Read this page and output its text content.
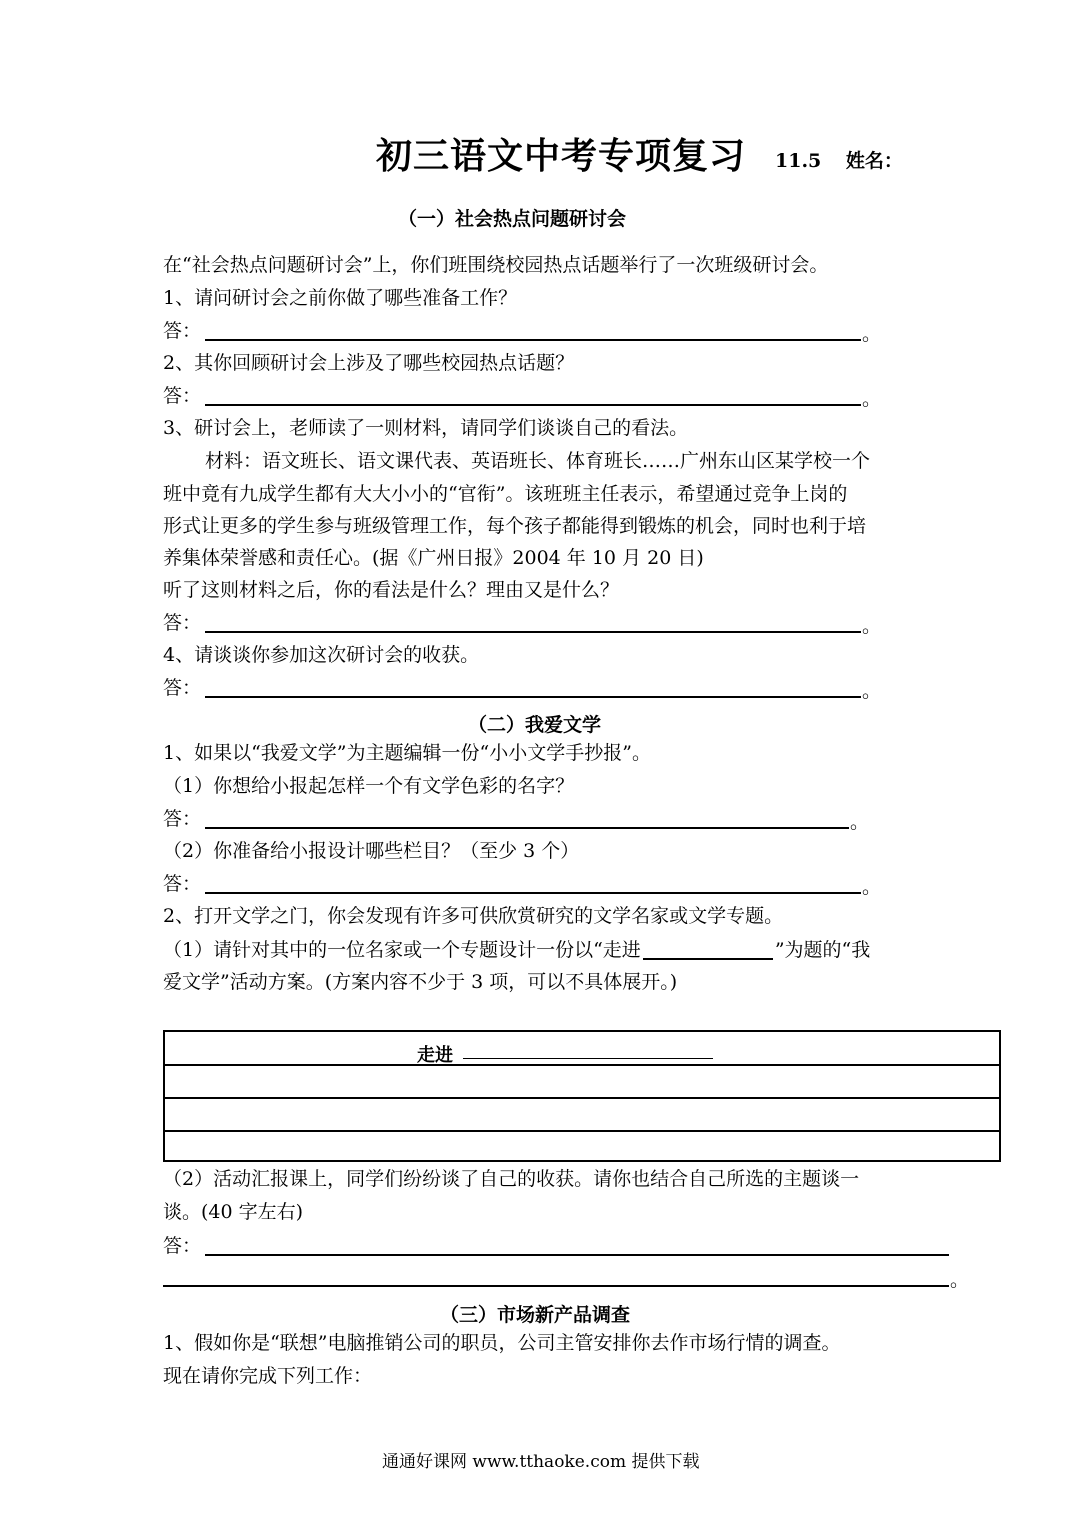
初三语文中考专项复习 11.5 姓名：
（一）社会热点问题研讨会
在“社会热点问题研讨会”上，你们班围绕校园热点话题举行了一次班级研讨会。
1、请问研讨会之前你做了哪些准备工作？
答：	。
2、其你回顾研讨会上涉及了哪些校园热点话题？
答：	。
3、研讨会上，老师读了一则材料，请同学们谈谈自己的看法。
材料：语文班长、语文课代表、英语班长、体育班长……广州东山区某学校一个
班中竟有九成学生都有大大小小的“官衔”。该班班主任表示，希望通过竞争上岗的
形式让更多的学生参与班级管理工作，每个孩子都能得到锻炼的机会，同时也利于培
养集体荣誉感和责任心。(据《广州日报》2004 年 10 月 20 日)
听了这则材料之后，你的看法是什么？理由又是什么？
答：	。
4、请谈谈你参加这次研讨会的收获。
答：	。
（二）我爱文学
1、如果以“我爱文学”为主题编辑一份“小小文学手抄报”。
（1）你想给小报起怎样一个有文学色彩的名字？
答：	。
（2）你准备给小报设计哪些栏目？（至少 3 个）
答：	。
2、打开文学之门，你会发现有许多可供欣赏研究的文学名家或文学专题。
（1）请针对其中的一位名家或一个专题设计一份以“走进	”为题的“我
爱文学”活动方案。(方案内容不少于 3 项，可以不具体展开。)
走进
（2）活动汇报课上，同学们纷纷谈了自己的收获。请你也结合自己所选的主题谈一
谈。(40 字左右)
答：
。
（三）市场新产品调查
1、假如你是“联想”电脑推销公司的职员，公司主管安排你去作市场行情的调查。
现在请你完成下列工作：
通通好课网 www.tthaoke.com 提供下载
